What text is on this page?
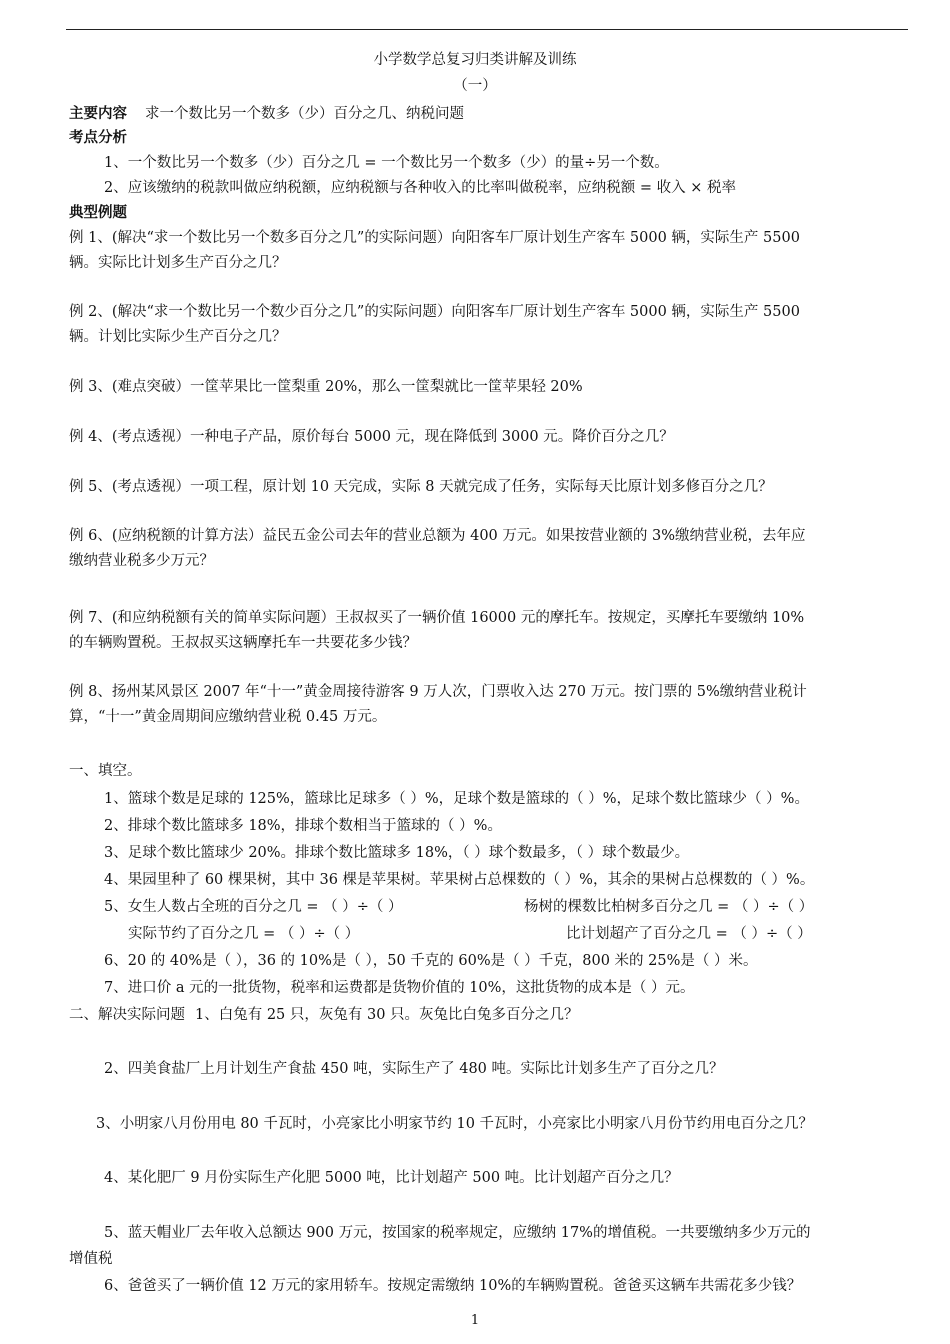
小学数学总复习归类讲解及训练
（一）
主要内容 求一个数比另一个数多（少）百分之几、纳税问题
考点分析
1、一个数比另一个数多（少）百分之几 = 一个数比另一个数多（少）的量÷另一个数。
2、应该缴纳的税款叫做应纳税额，应纳税额与各种收入的比率叫做税率，应纳税额 = 收入 × 税率
典型例题
例 1、(解决“求一个数比另一个数多百分之几”的实际问题）向阳客车厂原计划生产客车 5000 辆，实际生产 5500
辆。实际比计划多生产百分之几？
例 2、(解决“求一个数比另一个数少百分之几”的实际问题）向阳客车厂原计划生产客车 5000 辆，实际生产 5500
辆。计划比实际少生产百分之几？
例 3、(难点突破）一筐苹果比一筐梨重 20%，那么一筐梨就比一筐苹果轻 20%
例 4、(考点透视）一种电子产品，原价每台 5000 元，现在降低到 3000 元。降价百分之几？
例 5、(考点透视）一项工程，原计划 10 天完成，实际 8 天就完成了任务，实际每天比原计划多修百分之几？
例 6、(应纳税额的计算方法）益民五金公司去年的营业总额为 400 万元。如果按营业额的 3%缴纳营业税，去年应
缴纳营业税多少万元？
例 7、(和应纳税额有关的简单实际问题）王叔叔买了一辆价值 16000 元的摩托车。按规定，买摩托车要缴纳 10%
的车辆购置税。王叔叔买这辆摩托车一共要花多少钱？
例 8、扬州某风景区 2007 年“十一”黄金周接待游客 9 万人次，门票收入达 270 万元。按门票的 5%缴纳营业税计
算，“十一”黄金周期间应缴纳营业税 0.45 万元。
一、填空。
1、篮球个数是足球的 125%，篮球比足球多（ ）%，足球个数是篮球的（ ）%，足球个数比篮球少（ ）%。
2、排球个数比篮球多 18%，排球个数相当于篮球的（ ）%。
3、足球个数比篮球少 20%。排球个数比篮球多 18%，（ ）球个数最多，（ ）球个数最少。
4、果园里种了 60 棵果树，其中 36 棵是苹果树。苹果树占总棵数的（ ）%，其余的果树占总棵数的（ ）%。
5、女生人数占全班的百分之几 = （ ）÷（ ）	杨树的棵数比柏树多百分之几 = （ ）÷（ ）
实际节约了百分之几 = （ ）÷（ ）	比计划超产了百分之几 = （ ）÷（ ）
6、20 的 40%是（ ），36 的 10%是（ ），50 千克的 60%是（ ）千克，800 米的 25%是（ ）米。
7、进口价 a 元的一批货物，税率和运费都是货物价值的 10%，这批货物的成本是（ ）元。
二、解决实际问题 1、白兔有 25 只，灰兔有 30 只。灰兔比白兔多百分之几？
2、四美食盐厂上月计划生产食盐 450 吨，实际生产了 480 吨。实际比计划多生产了百分之几？
3、小明家八月份用电 80 千瓦时，小亮家比小明家节约 10 千瓦时，小亮家比小明家八月份节约用电百分之几？
4、某化肥厂 9 月份实际生产化肥 5000 吨，比计划超产 500 吨。比计划超产百分之几？
5、蓝天帽业厂去年收入总额达 900 万元，按国家的税率规定，应缴纳 17%的增值税。一共要缴纳多少万元的
增值税
6、爸爸买了一辆价值 12 万元的家用轿车。按规定需缴纳 10%的车辆购置税。爸爸买这辆车共需花多少钱？
1
